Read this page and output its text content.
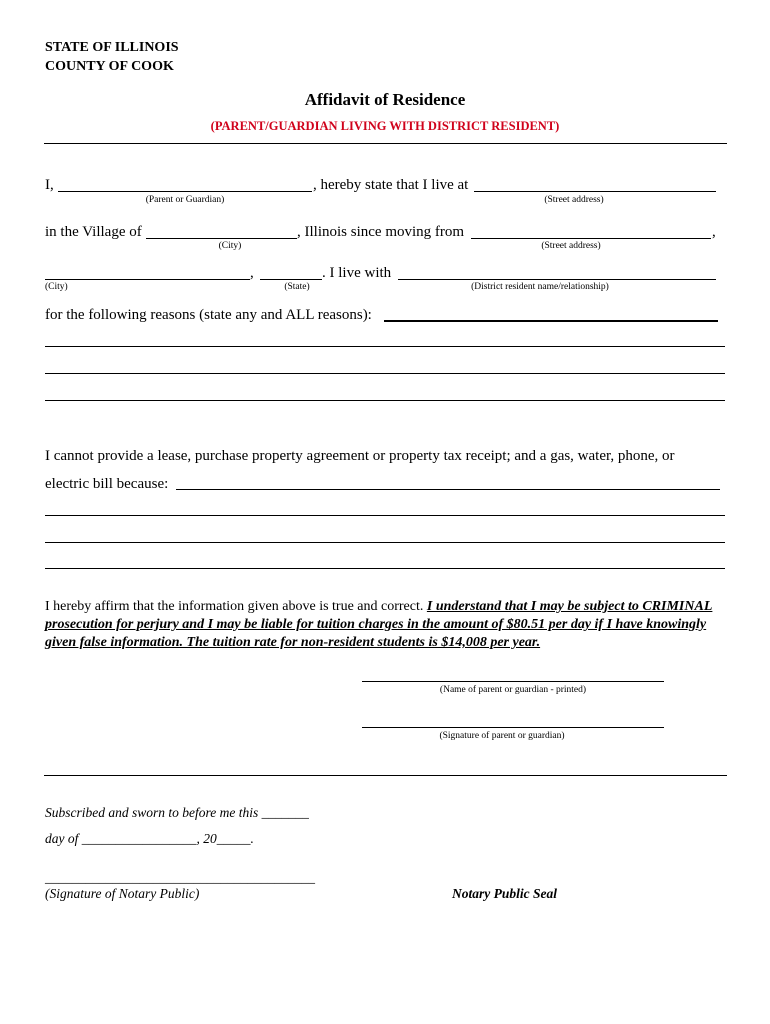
STATE OF ILLINOIS
COUNTY OF COOK
Affidavit of Residence
(PARENT/GUARDIAN LIVING WITH DISTRICT RESIDENT)
I,	, hereby state that I live at
(Parent or Guardian)	(Street address)
in the Village of	, Illinois since moving from	,
(City)	(Street address)
,	. I live with
(City)	(State)	(District resident name/relationship)
for the following reasons (state any and ALL reasons):
I cannot provide a lease, purchase property agreement or property tax receipt; and a gas, water, phone, or
electric bill because:
I hereby affirm that the information given above is true and correct. I understand that I may be subject to CRIMINAL prosecution for perjury and I may be liable for tuition charges in the amount of $80.51 per day if I have knowingly given false information. The tuition rate for non-resident students is $14,008 per year.
(Name of parent or guardian - printed)
(Signature of parent or guardian)
Subscribed and sworn to before me this _______
day of _________________, 20_____.
________________________________________
(Signature of Notary Public)	Notary Public Seal
